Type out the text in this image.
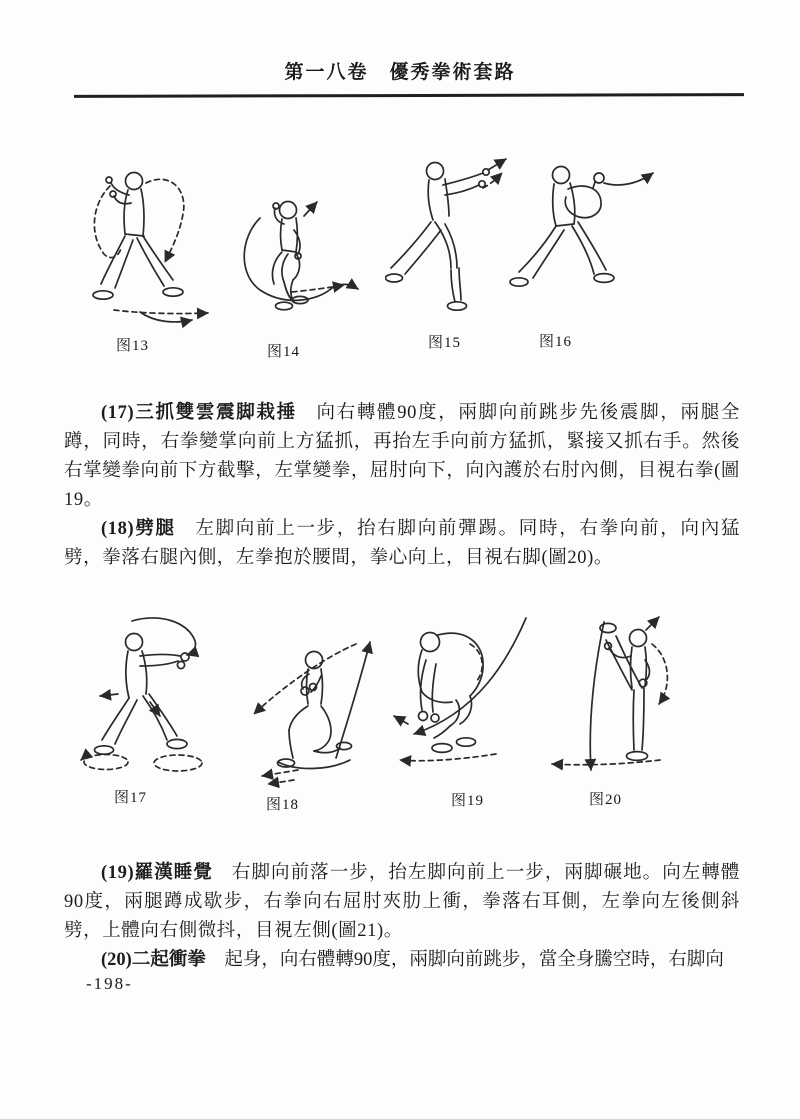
第一八卷　優秀拳術套路
图13	图14
图15	图16

(17)三抓雙雲震脚栽捶 向右轉體90度，兩脚向前跳步先後震脚，兩腿全蹲，同時，右拳變掌向前上方猛抓，再抬左手向前方猛抓，緊接又抓右手。然後右掌變拳向前下方截擊，左掌變拳，屈肘向下，向內護於右肘內側，目視右拳(圖19。

(18)劈腿 左脚向前上一步，抬右脚向前彈踢。同時，右拳向前，向內猛劈，拳落右腿內側，左拳抱於腰間，拳心向上，目視右脚(圖20)。

图17	图18	图19	图20

(19)羅漢睡覺 右脚向前落一步，抬左脚向前上一步，兩脚碾地。向左轉體90度，兩腿蹲成歇步，右拳向右屈肘夾肋上衝，拳落右耳側，左拳向左後側斜劈，上體向右側微抖，目視左側(圖21)。

(20)二起衝拳 起身，向右體轉90度，兩脚向前跳步，當全身騰空時，右脚向

-198-
